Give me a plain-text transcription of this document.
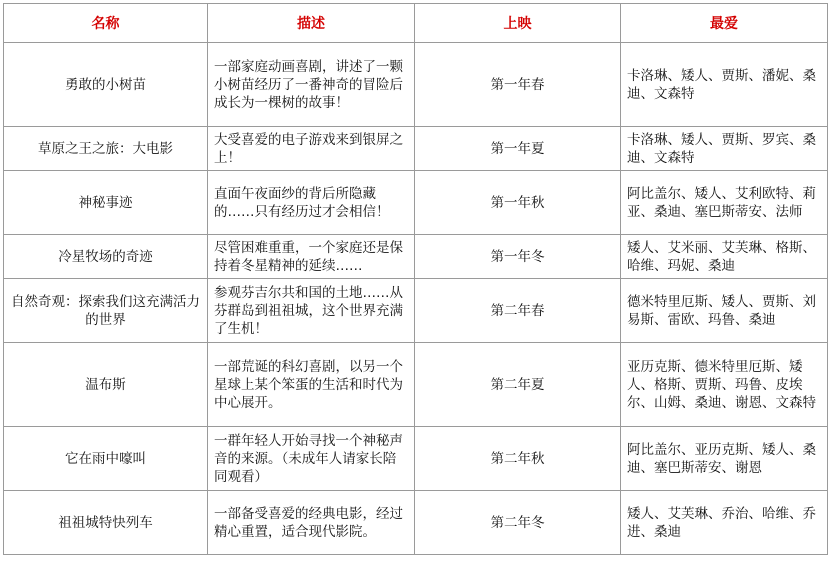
名称	描述	上映	最爱
勇敢的小树苗	一部家庭动画喜剧，讲述了一颗小树苗经历了一番神奇的冒险后成长为一棵树的故事！	第一年春	卡洛琳、矮人、贾斯、潘妮、桑迪、文森特
草原之王之旅：大电影	大受喜爱的电子游戏来到银屏之上！	第一年夏	卡洛琳、矮人、贾斯、罗宾、桑迪、文森特
神秘事迹	直面午夜面纱的背后所隐藏的……只有经历过才会相信！	第一年秋	阿比盖尔、矮人、艾利欧特、莉亚、桑迪、塞巴斯蒂安、法师
冷星牧场的奇迹	尽管困难重重，一个家庭还是保持着冬星精神的延续……	第一年冬	矮人、艾米丽、艾芙琳、格斯、哈维、玛妮、桑迪
自然奇观：探索我们这充满活力的世界	参观芬吉尔共和国的土地……从芬群岛到祖祖城，这个世界充满了生机！	第二年春	德米特里厄斯、矮人、贾斯、刘易斯、雷欧、玛鲁、桑迪
温布斯	一部荒诞的科幻喜剧，以另一个星球上某个笨蛋的生活和时代为中心展开。	第二年夏	亚历克斯、德米特里厄斯、矮人、格斯、贾斯、玛鲁、皮埃尔、山姆、桑迪、谢恩、文森特
它在雨中嚎叫	一群年轻人开始寻找一个神秘声音的来源。（未成年人请家长陪同观看）	第二年秋	阿比盖尔、亚历克斯、矮人、桑迪、塞巴斯蒂安、谢恩
祖祖城特快列车	一部备受喜爱的经典电影，经过精心重置，适合现代影院。	第二年冬	矮人、艾芙琳、乔治、哈维、乔进、桑迪
